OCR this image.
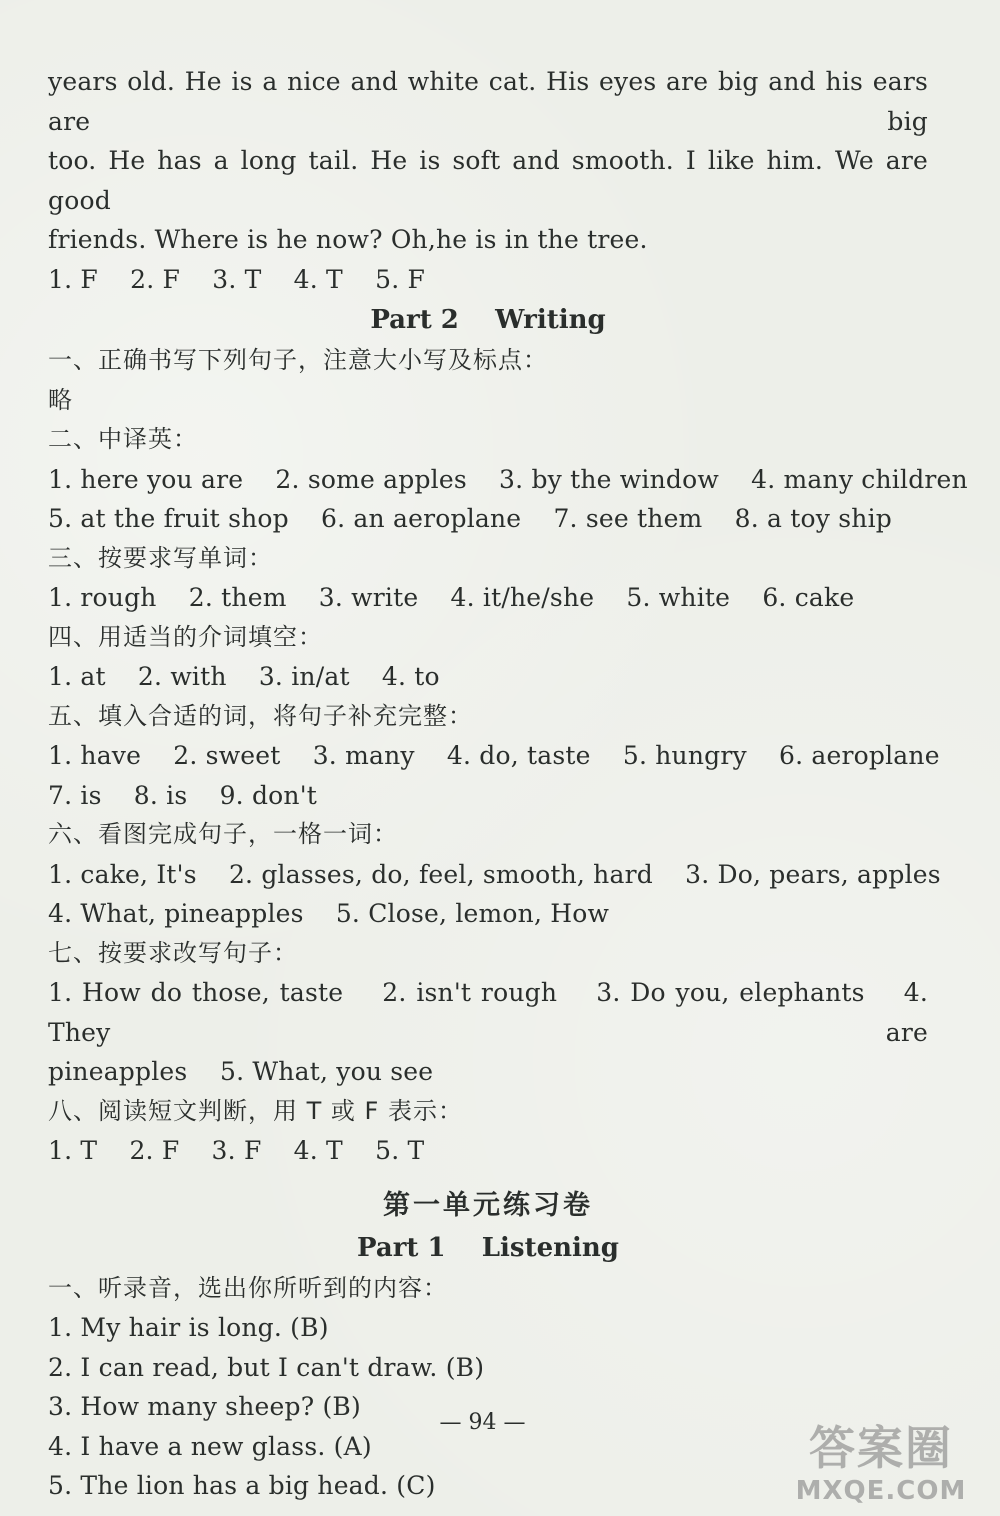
years old. He is a nice and white cat. His eyes are big and his ears are big
too. He has a long tail. He is soft and smooth. I like him. We are good
friends. Where is he now? Oh,he is in the tree.
1. F 2. F 3. T 4. T 5. F
Part 2    Writing
一、正确书写下列句子，注意大小写及标点：
略
二、中译英：
1. here you are 2. some apples 3. by the window 4. many children
5. at the fruit shop 6. an aeroplane 7. see them 8. a toy ship
三、按要求写单词：
1. rough 2. them 3. write 4. it/he/she 5. white 6. cake
四、用适当的介词填空：
1. at 2. with 3. in/at 4. to
五、填入合适的词，将句子补充完整：
1. have 2. sweet 3. many 4. do, taste 5. hungry 6. aeroplane
7. is 8. is 9. don't
六、看图完成句子，一格一词：
1. cake, It's 2. glasses, do, feel, smooth, hard 3. Do, pears, apples
4. What, pineapples 5. Close, lemon, How
七、按要求改写句子：
1. How do those, taste    2. isn't rough    3. Do you, elephants    4. They are
pineapples    5. What, you see
八、阅读短文判断，用 T 或 F 表示：
1. T 2. F 3. F 4. T 5. T
第一单元练习卷
Part 1    Listening
一、听录音，选出你所听到的内容：
1. My hair is long. (B)
2. I can read, but I can't draw. (B)
3. How many sheep? (B)
4. I have a new glass. (A)
5. The lion has a big head. (C)
— 94 —	答案圈
MXQE.COM
